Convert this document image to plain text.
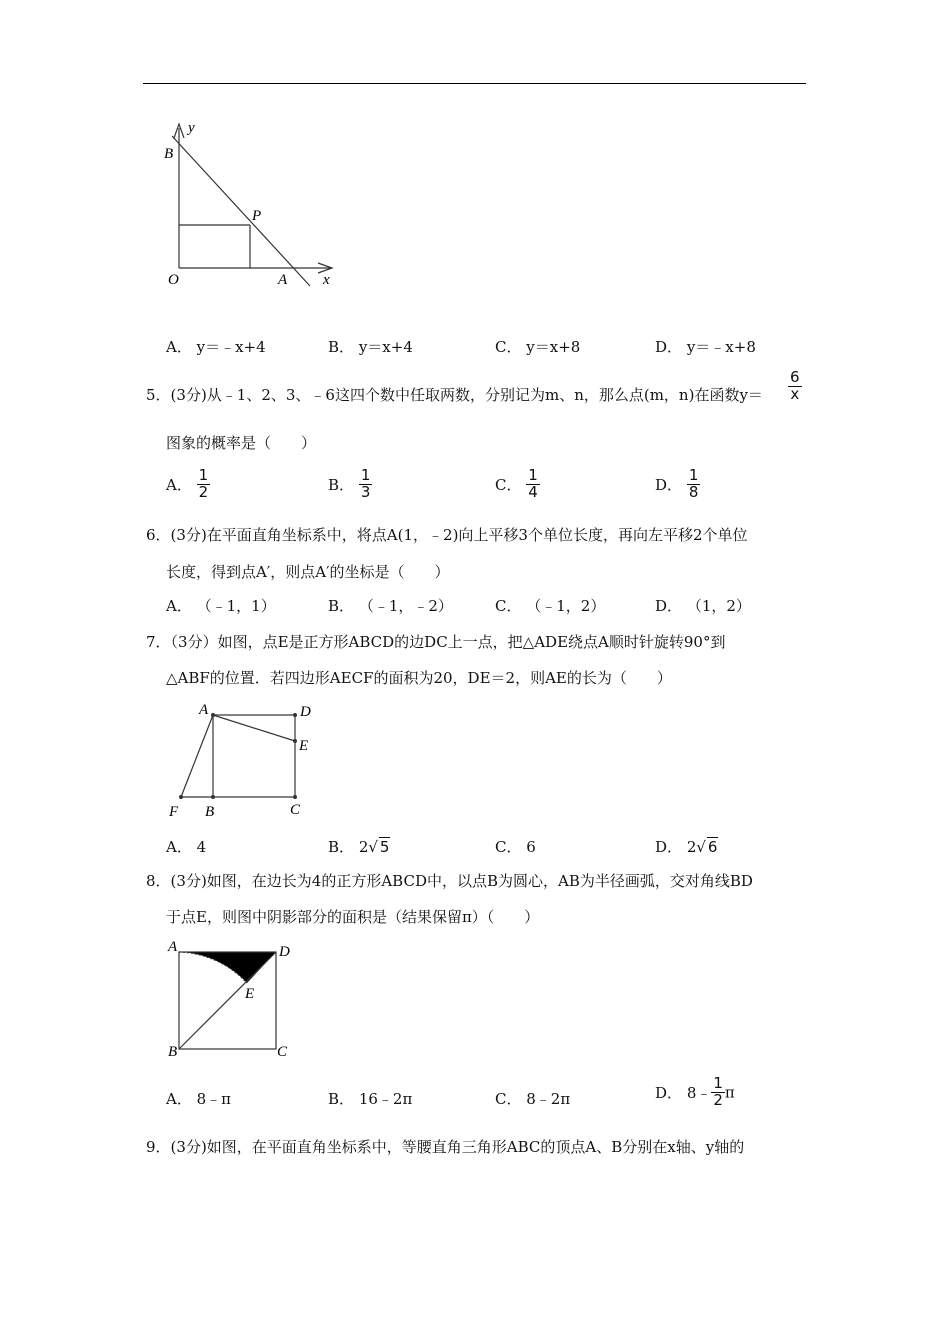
y
B
P
O	A x
A． y＝﹣x+4	B． y＝x+4	C． y＝x+8	D． y＝﹣x+8
5．(3分)从﹣1、2、3、﹣6这四个数中任取两数，分别记为m、n，那么点(m，n)在函数$y= \frac{6}{x}$
图象的概率是（　　）
A． $\frac{1}{2}$	B． $\frac{1}{3}$	C． $\frac{1}{4}$	D． $\frac{1}{8}$
6．(3分)在平面直角坐标系中，将点A(1，﹣2)向上平移3个单位长度，再向左平移2个单位
长度，得到点A′，则点A′的坐标是（　　）
A． （﹣1，1）	B． （﹣1，﹣2）	C． （﹣1，2）	D． （1，2）
7．（3分）如图，点E是正方形ABCD的边DC上一点，把△ADE绕点A顺时针旋转90°到
△ABF的位置．若四边形AECF的面积为20，DE＝2，则AE的长为（　　）
A	D
E
F B	C
A． 4	B． 2√ 5	C． 6	D． 2√ 6
8．(3分)如图，在边长为4的正方形ABCD中，以点B为圆心，AB为半径画弧，交对角线BD
于点E，则图中阴影部分的面积是（结果保留π）（　　）
A	D
E
B	C
A． 8﹣π	B． 16﹣2π	C． 8﹣2π	D． 8﹣ $\frac{1}{2}$ π
9．(3分)如图，在平面直角坐标系中，等腰直角三角形ABC的顶点A、B分别在x轴、y轴的
